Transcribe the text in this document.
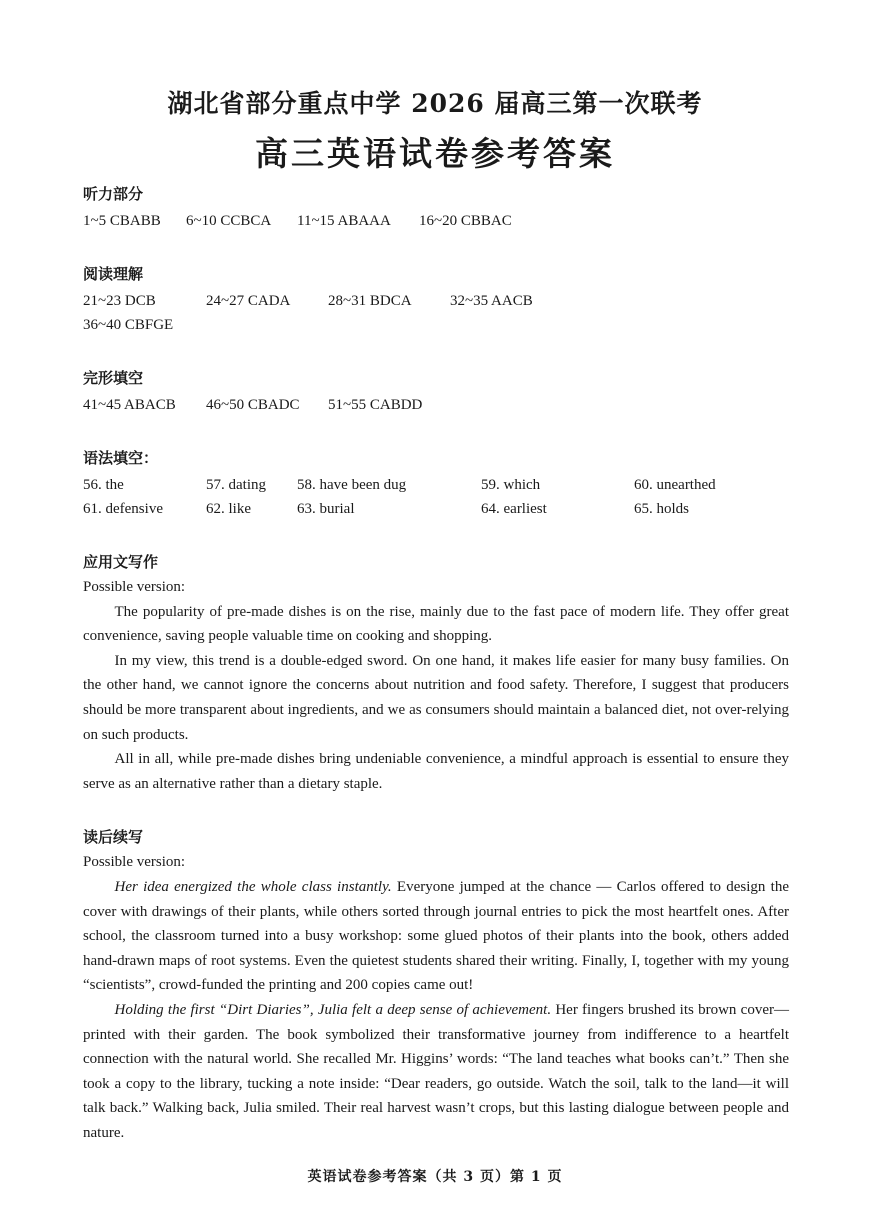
湖北省部分重点中学 2026 届高三第一次联考
高三英语试卷参考答案

听力部分

1~5 CBABB	6~10 CCBCA	11~15 ABAAA	16~20 CBBAC

阅读理解

21~23 DCB	24~27 CADA	28~31 BDCA	32~35 AACB
36~40 CBFGE

完形填空

41~45 ABACB	46~50 CBADC	51~55 CABDD

语法填空：

56. the	57. dating	58. have been dug	59. which	60. unearthed
61. defensive	62. like	63. burial	64. earliest	65. holds

应用文写作

Possible version:

The popularity of pre-made dishes is on the rise, mainly due to the fast pace of modern life. They offer great convenience, saving people valuable time on cooking and shopping.

In my view, this trend is a double-edged sword. On one hand, it makes life easier for many busy families. On the other hand, we cannot ignore the concerns about nutrition and food safety. Therefore, I suggest that producers should be more transparent about ingredients, and we as consumers should maintain a balanced diet, not over-relying on such products.

All in all, while pre-made dishes bring undeniable convenience, a mindful approach is essential to ensure they serve as an alternative rather than a dietary staple.

读后续写

Possible version:

Her idea energized the whole class instantly. Everyone jumped at the chance — Carlos offered to design the cover with drawings of their plants, while others sorted through journal entries to pick the most heartfelt ones. After school, the classroom turned into a busy workshop: some glued photos of their plants into the book, others added hand-drawn maps of root systems. Even the quietest students shared their writing. Finally, I, together with my young “scientists”, crowd-funded the printing and 200 copies came out!

Holding the first “Dirt Diaries”, Julia felt a deep sense of achievement. Her fingers brushed its brown cover—printed with their garden. The book symbolized their transformative journey from indifference to a heartfelt connection with the natural world. She recalled Mr. Higgins’ words: “The land teaches what books can’t.” Then she took a copy to the library, tucking a note inside: “Dear readers, go outside. Watch the soil, talk to the land—it will talk back.” Walking back, Julia smiled. Their real harvest wasn’t crops, but this lasting dialogue between people and nature.

英语试卷参考答案（共 3 页）第 1 页
